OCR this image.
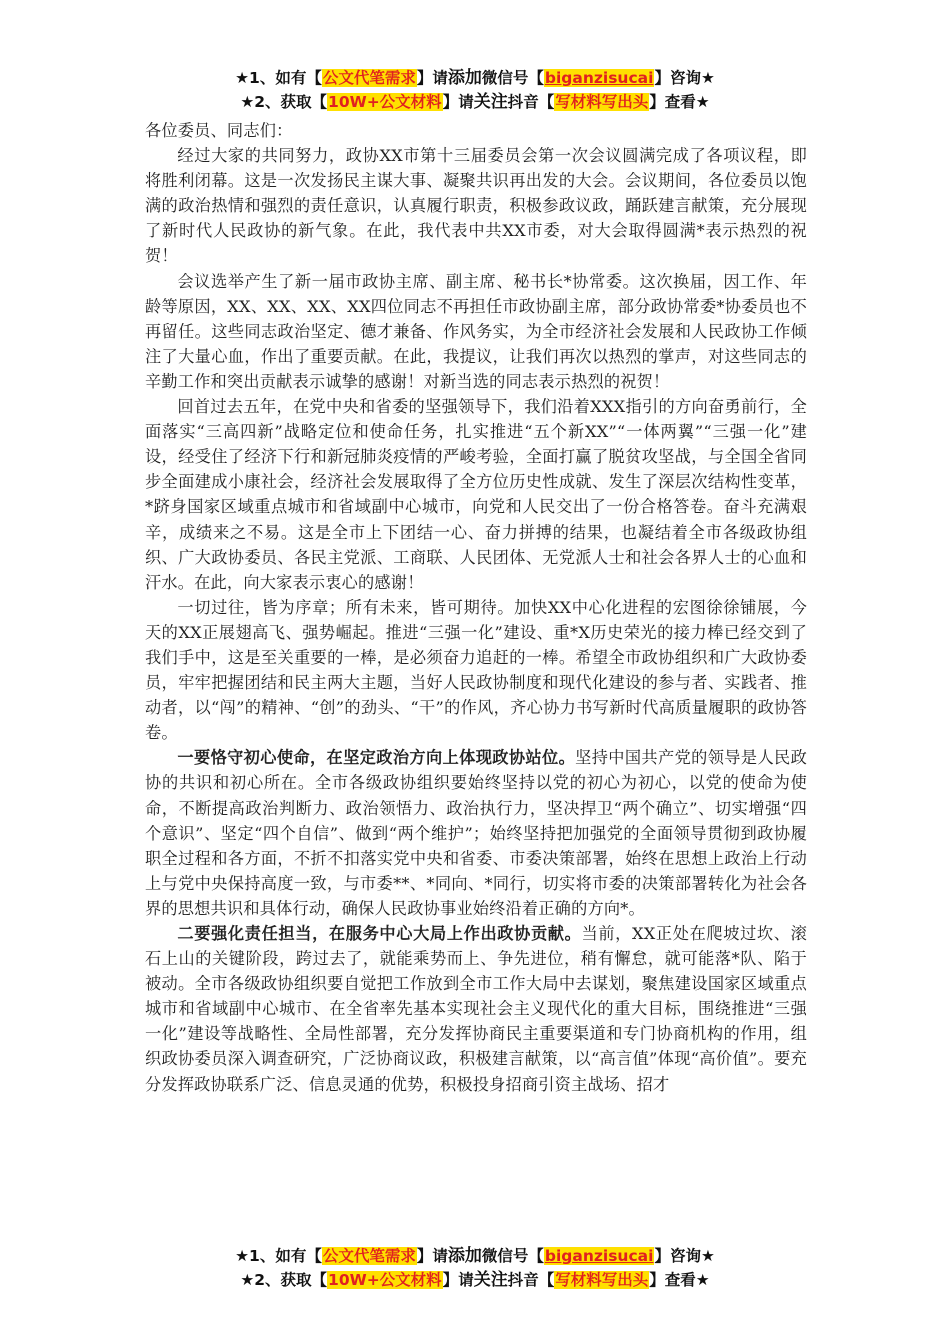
★1、如有【公文代笔需求】请添加微信号【biganzisucai】咨询★
★2、获取【10W+公文材料】请关注抖音【写材料写出头】查看★

各位委员、同志们：

经过大家的共同努力，政协XX市第十三届委员会第一次会议圆满完成了各项议程，即将胜利闭幕。这是一次发扬民主谋大事、凝聚共识再出发的大会。会议期间，各位委员以饱满的政治热情和强烈的责任意识，认真履行职责，积极参政议政，踊跃建言献策，充分展现了新时代人民政协的新气象。在此，我代表中共XX市委，对大会取得圆满*表示热烈的祝贺！

会议选举产生了新一届市政协主席、副主席、秘书长*协常委。这次换届，因工作、年龄等原因，XX、XX、XX、XX四位同志不再担任市政协副主席，部分政协常委*协委员也不再留任。这些同志政治坚定、德才兼备、作风务实，为全市经济社会发展和人民政协工作倾注了大量心血，作出了重要贡献。在此，我提议，让我们再次以热烈的掌声，对这些同志的辛勤工作和突出贡献表示诚挚的感谢！对新当选的同志表示热烈的祝贺！

回首过去五年，在党中央和省委的坚强领导下，我们沿着XXX指引的方向奋勇前行，全面落实“三高四新”战略定位和使命任务，扎实推进“五个新XX”“一体两翼”“三强一化”建设，经受住了经济下行和新冠肺炎疫情的严峻考验，全面打赢了脱贫攻坚战，与全国全省同步全面建成小康社会，经济社会发展取得了全方位历史性成就、发生了深层次结构性变革，*跻身国家区域重点城市和省域副中心城市，向党和人民交出了一份合格答卷。奋斗充满艰辛，成绩来之不易。这是全市上下团结一心、奋力拼搏的结果，也凝结着全市各级政协组织、广大政协委员、各民主党派、工商联、人民团体、无党派人士和社会各界人士的心血和汗水。在此，向大家表示衷心的感谢！

一切过往，皆为序章；所有未来，皆可期待。加快XX中心化进程的宏图徐徐铺展，今天的XX正展翅高飞、强势崛起。推进“三强一化”建设、重*X历史荣光的接力棒已经交到了我们手中，这是至关重要的一棒，是必须奋力追赶的一棒。希望全市政协组织和广大政协委员，牢牢把握团结和民主两大主题，当好人民政协制度和现代化建设的参与者、实践者、推动者，以“闯”的精神、“创”的劲头、“干”的作风，齐心协力书写新时代高质量履职的政协答卷。

一要恪守初心使命，在坚定政治方向上体现政协站位。坚持中国共产党的领导是人民政协的共识和初心所在。全市各级政协组织要始终坚持以党的初心为初心，以党的使命为使命，不断提高政治判断力、政治领悟力、政治执行力，坚决捍卫“两个确立”、切实增强“四个意识”、坚定“四个自信”、做到“两个维护”；始终坚持把加强党的全面领导贯彻到政协履职全过程和各方面，不折不扣落实党中央和省委、市委决策部署，始终在思想上政治上行动上与党中央保持高度一致，与市委**、*同向、*同行，切实将市委的决策部署转化为社会各界的思想共识和具体行动，确保人民政协事业始终沿着正确的方向*。

二要强化责任担当，在服务中心大局上作出政协贡献。当前，XX正处在爬坡过坎、滚石上山的关键阶段，跨过去了，就能乘势而上、争先进位，稍有懈怠，就可能落*队、陷于被动。全市各级政协组织要自觉把工作放到全市工作大局中去谋划，聚焦建设国家区域重点城市和省域副中心城市、在全省率先基本实现社会主义现代化的重大目标，围绕推进“三强一化”建设等战略性、全局性部署，充分发挥协商民主重要渠道和专门协商机构的作用，组织政协委员深入调查研究，广泛协商议政，积极建言献策，以“高言值”体现“高价值”。要充分发挥政协联系广泛、信息灵通的优势，积极投身招商引资主战场、招才

★1、如有【公文代笔需求】请添加微信号【biganzisucai】咨询★
★2、获取【10W+公文材料】请关注抖音【写材料写出头】查看★
